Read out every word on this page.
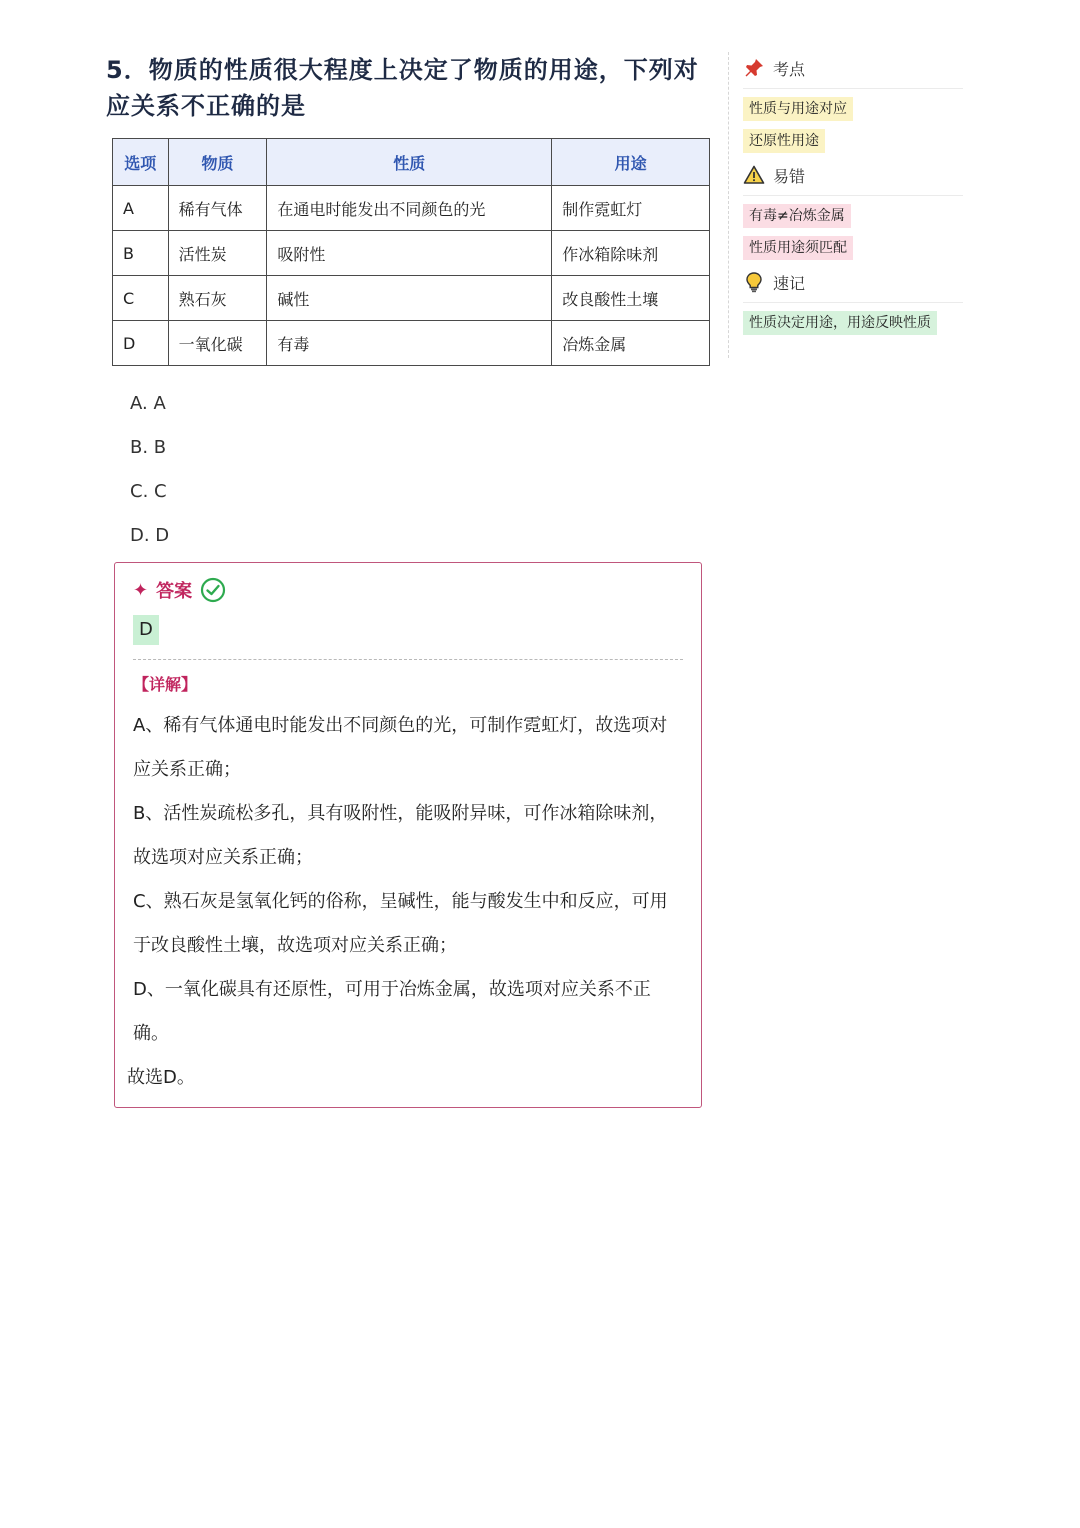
5．物质的性质很大程度上决定了物质的用途，下列对应关系不正确的是
选项	物质	性质	用途
A	稀有气体	在通电时能发出不同颜色的光	制作霓虹灯
B	活性炭	吸附性	作冰箱除味剂
C	熟石灰	碱性	改良酸性土壤
D	一氧化碳	有毒	冶炼金属
A. A
B. B
C. C
D. D
✦ 答案
D
【详解】

A、稀有气体通电时能发出不同颜色的光，可制作霓虹灯，故选项对应关系正确；

B、活性炭疏松多孔，具有吸附性，能吸附异味，可作冰箱除味剂，故选项对应关系正确；

C、熟石灰是氢氧化钙的俗称，呈碱性，能与酸发生中和反应，可用于改良酸性土壤，故选项对应关系正确；

D、一氧化碳具有还原性，可用于冶炼金属，故选项对应关系不正确。

故选D。
考点
性质与用途对应
还原性用途
易错
有毒≠冶炼金属
性质用途须匹配
速记
性质决定用途，用途反映性质
